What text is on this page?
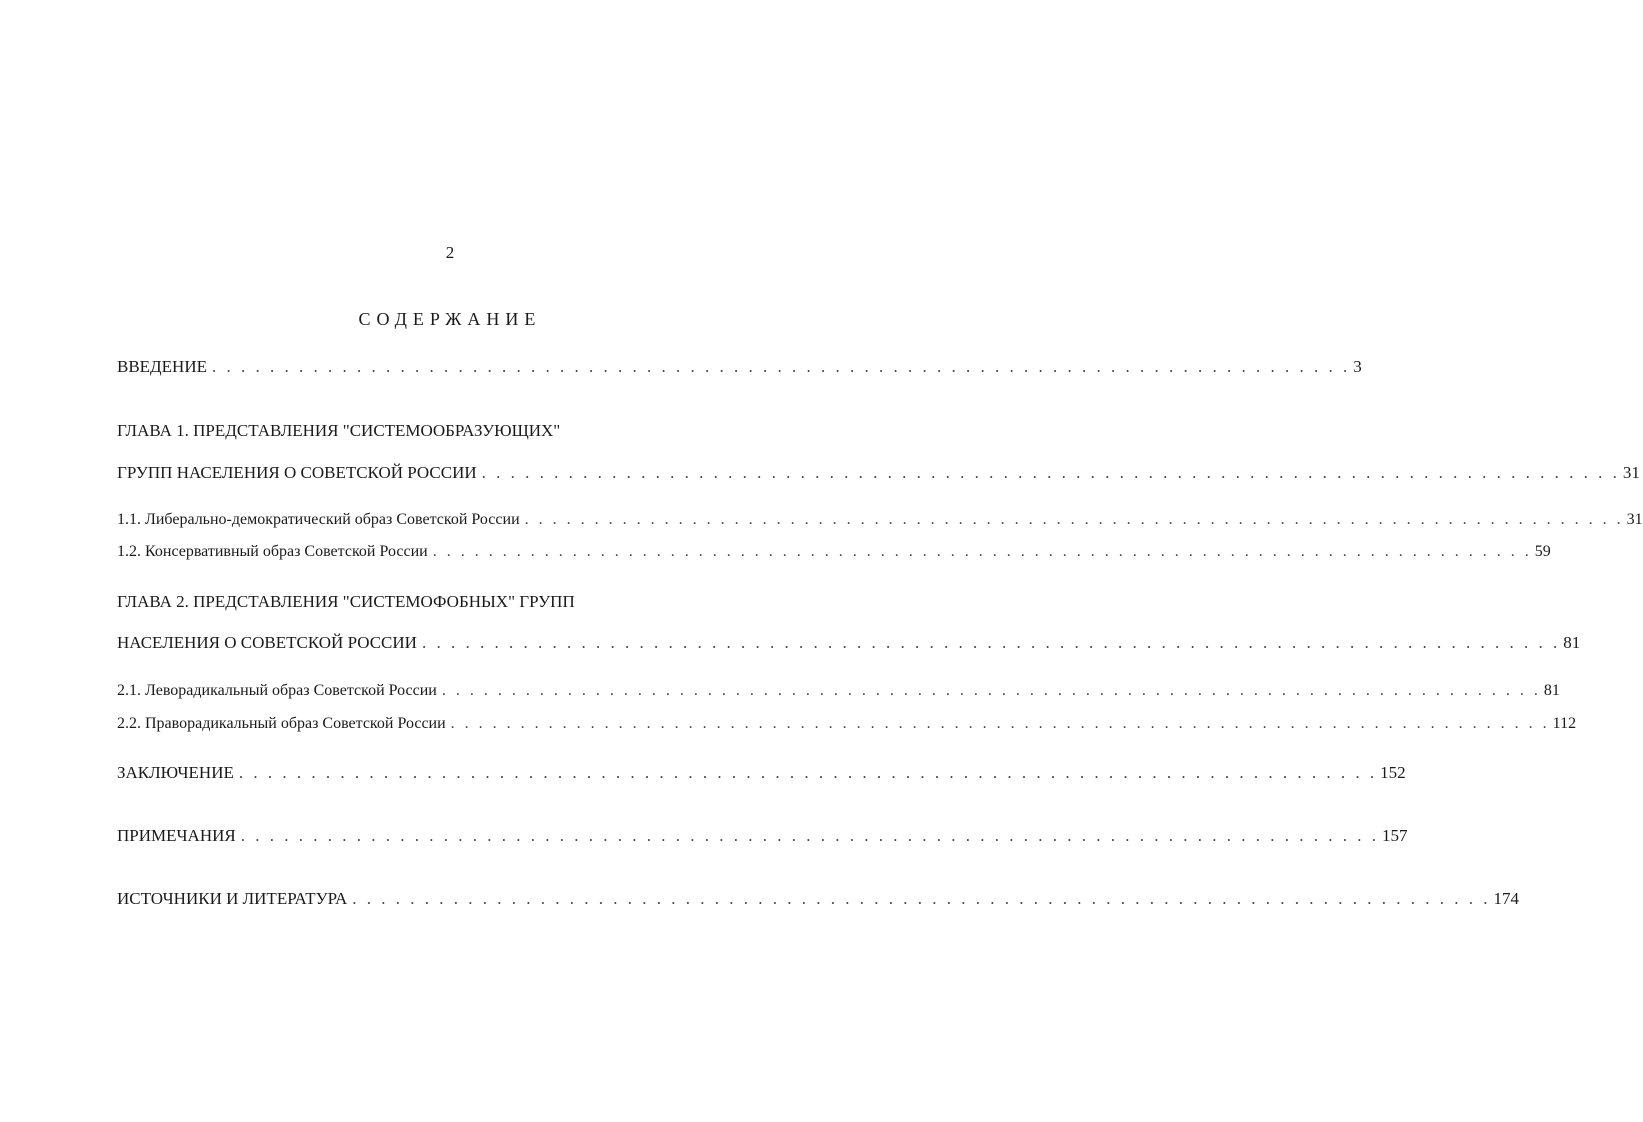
2
СОДЕРЖАНИЕ
ВВЕДЕНИЕ . . . . . . . . . . . . . . . . . . . . . . . . . . . . . . . . . . . . . . . . . . . . . . . . . . . . . . . . . . . . . . . . . . . . . . . . . . . . . . . 3
ГЛАВА 1. ПРЕДСТАВЛЕНИЯ "СИСТЕМООБРАЗУЮЩИХ"
ГРУПП НАСЕЛЕНИЯ О СОВЕТСКОЙ РОССИИ . . . . . . . . . . . . . . . . . . . . . . . . . . . . . . . . . . . . . . . . . . . . . . . . . . . . . . . . . . . . . . . . . . . . . . . . . . . . . . . 31
1.1. Либерально-демократический образ Советской России . . . . . . . . . . . . . . . . . . . . . . . . . . . . . . . . . . . . . . . . . . . . . . . . . . . . . . . . . . . . . . . . . . . . . . . . . . . . . . . 31
1.2. Консервативный образ Советской России . . . . . . . . . . . . . . . . . . . . . . . . . . . . . . . . . . . . . . . . . . . . . . . . . . . . . . . . . . . . . . . . . . . . . . . . . . . . . . . 59
ГЛАВА 2. ПРЕДСТАВЛЕНИЯ "СИСТЕМОФОБНЫХ" ГРУПП
НАСЕЛЕНИЯ О СОВЕТСКОЙ РОССИИ . . . . . . . . . . . . . . . . . . . . . . . . . . . . . . . . . . . . . . . . . . . . . . . . . . . . . . . . . . . . . . . . . . . . . . . . . . . . . . . 81
2.1. Леворадикальный образ Советской России . . . . . . . . . . . . . . . . . . . . . . . . . . . . . . . . . . . . . . . . . . . . . . . . . . . . . . . . . . . . . . . . . . . . . . . . . . . . . . . 81
2.2. Праворадикальный образ Советской России . . . . . . . . . . . . . . . . . . . . . . . . . . . . . . . . . . . . . . . . . . . . . . . . . . . . . . . . . . . . . . . . . . . . . . . . . . . . . . . 112
ЗАКЛЮЧЕНИЕ . . . . . . . . . . . . . . . . . . . . . . . . . . . . . . . . . . . . . . . . . . . . . . . . . . . . . . . . . . . . . . . . . . . . . . . . . . . . . . . 152
ПРИМЕЧАНИЯ . . . . . . . . . . . . . . . . . . . . . . . . . . . . . . . . . . . . . . . . . . . . . . . . . . . . . . . . . . . . . . . . . . . . . . . . . . . . . . . 157
ИСТОЧНИКИ И ЛИТЕРАТУРА . . . . . . . . . . . . . . . . . . . . . . . . . . . . . . . . . . . . . . . . . . . . . . . . . . . . . . . . . . . . . . . . . . . . . . . . . . . . . . . 174
